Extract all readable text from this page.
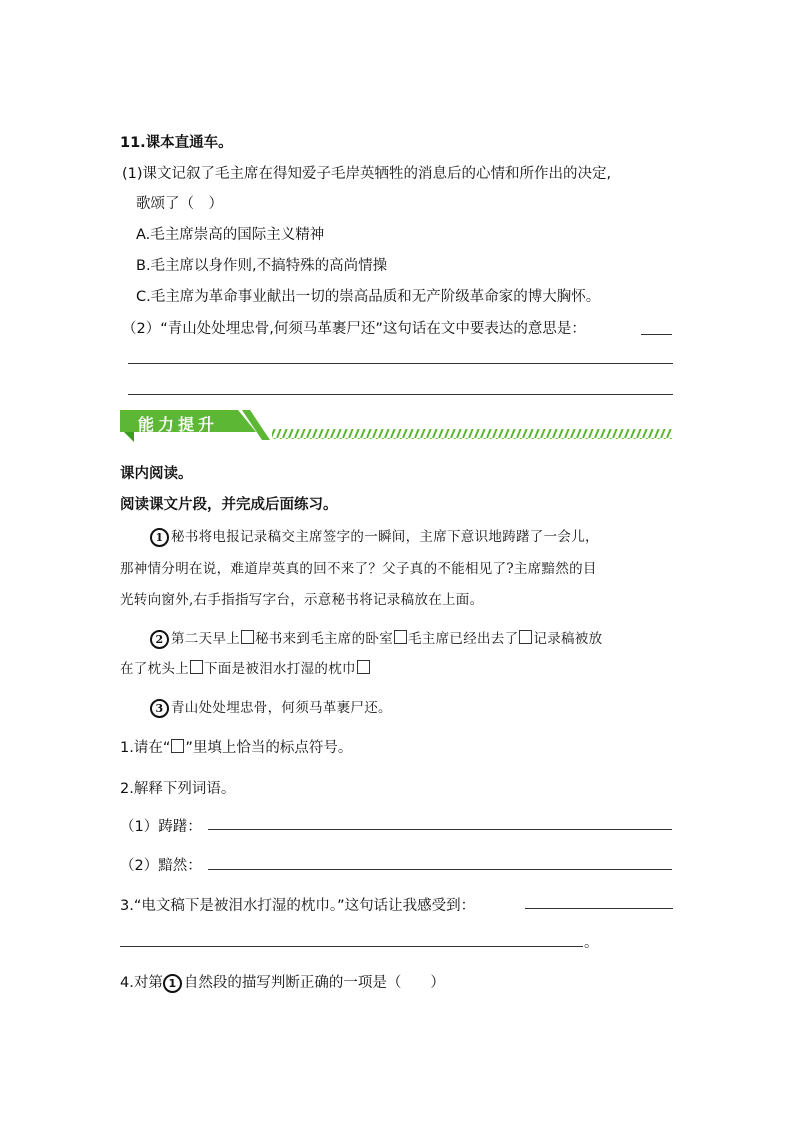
11.课本直通车。
(1)课文记叙了毛主席在得知爱子毛岸英牺牲的消息后的心情和所作出的决定,
歌颂了（　）
A.毛主席崇高的国际主义精神
B.毛主席以身作则,不搞特殊的高尚情操
C.毛主席为革命事业献出一切的崇高品质和无产阶级革命家的博大胸怀。
（2）“青山处处埋忠骨,何须马革裹尸还”这句话在文中要表达的意思是：
能力提升
课内阅读。
阅读课文片段，并完成后面练习。
1 秘书将电报记录稿交主席签字的一瞬间，主席下意识地踌躇了一会儿，
那神情分明在说，难道岸英真的回不来了？父子真的不能相见了?主席黯然的目
光转向窗外,右手指指写字台，示意秘书将记录稿放在上面。
2 第二天早上 秘书来到毛主席的卧室 毛主席已经出去了 记录稿被放
在了枕头上 下面是被泪水打湿的枕巾
3 青山处处埋忠骨，何须马革裹尸还。
1.请在“ ”里填上恰当的标点符号。
2.解释下列词语。
（1）踌躇：
（2）黯然：
3.“电文稿下是被泪水打湿的枕巾。”这句话让我感受到：
。
4.对第 1 自然段的描写判断正确的一项是（　　）
